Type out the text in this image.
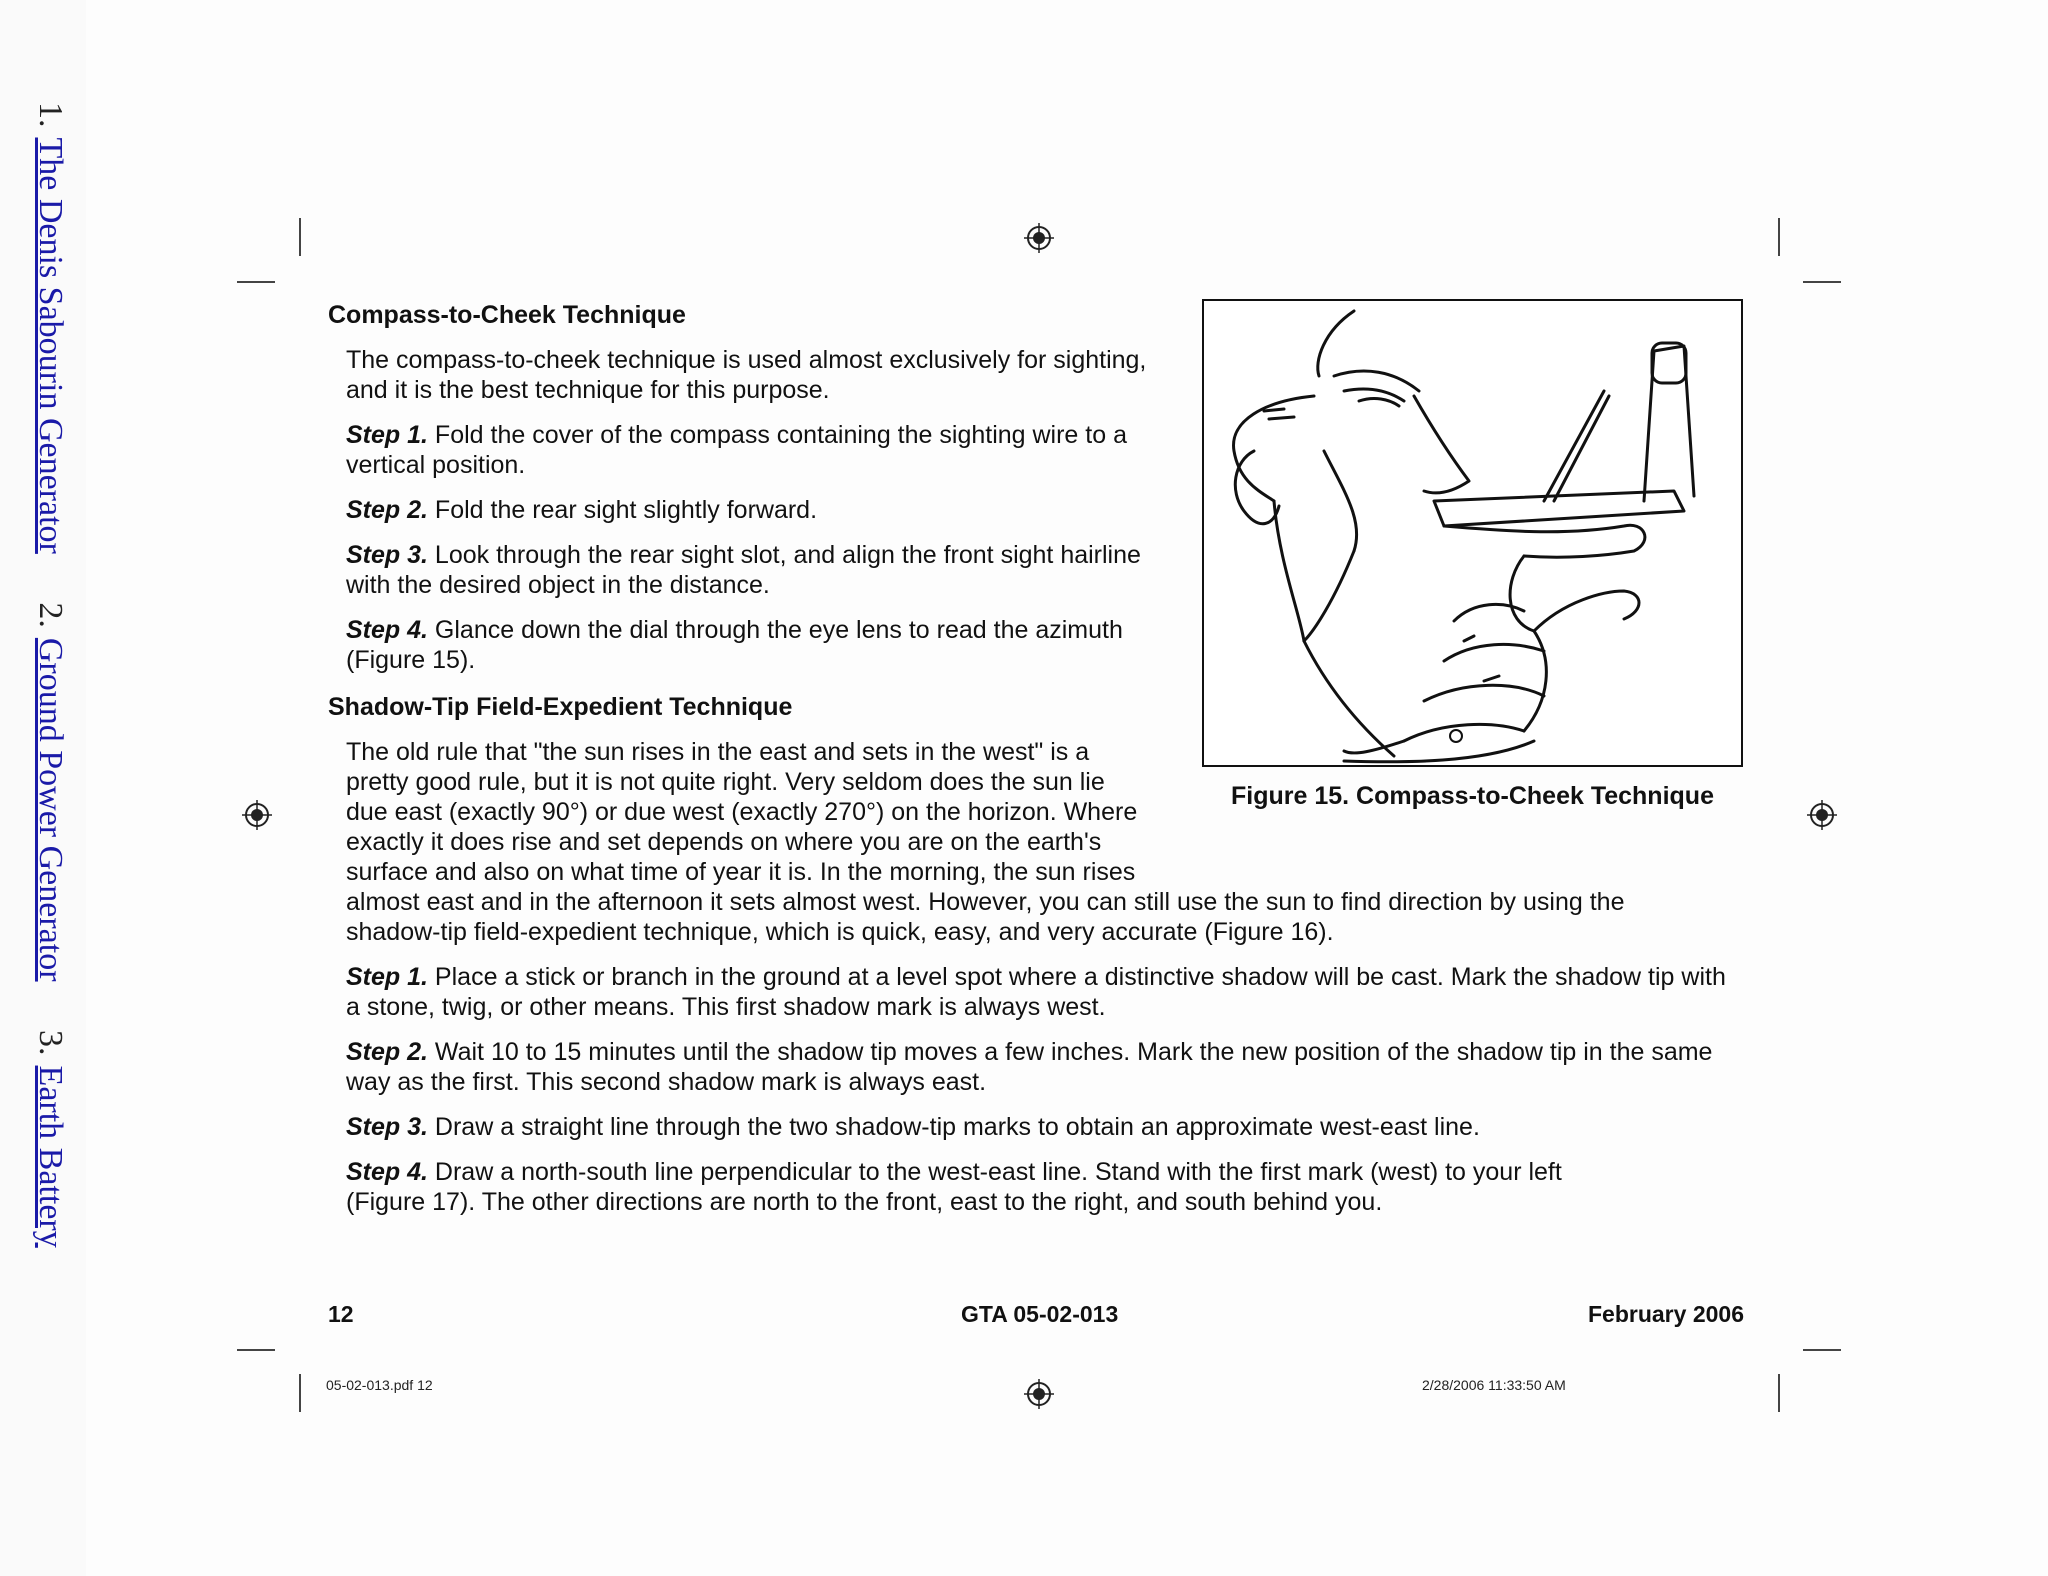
1.The Denis Sabourin Generator 2.Ground Power Generator 3.Earth Battery
Compass-to-Cheek Technique
The compass-to-cheek technique is used almost exclusively for sighting, and it is the best technique for this purpose.
Step 1. Fold the cover of the compass containing the sighting wire to a vertical position.
Step 2. Fold the rear sight slightly forward.
Step 3. Look through the rear sight slot, and align the front sight hairline with the desired object in the distance.
Step 4. Glance down the dial through the eye lens to read the azimuth (Figure 15).
Figure 15. Compass-to-Cheek Technique
Shadow-Tip Field-Expedient Technique
The old rule that "the sun rises in the east and sets in the west" is a
pretty good rule, but it is not quite right. Very seldom does the sun lie
due east (exactly 90°) or due west (exactly 270°) on the horizon. Where
exactly it does rise and set depends on where you are on the earth's
surface and also on what time of year it is. In the morning, the sun rises
almost east and in the afternoon it sets almost west. However, you can still use the sun to find direction by using the
shadow-tip field-expedient technique, which is quick, easy, and very accurate (Figure 16).
Step 1. Place a stick or branch in the ground at a level spot where a distinctive shadow will be cast. Mark the shadow tip with a stone, twig, or other means. This first shadow mark is always west.
Step 2. Wait 10 to 15 minutes until the shadow tip moves a few inches. Mark the new position of the shadow tip in the same way as the first. This second shadow mark is always east.
Step 3. Draw a straight line through the two shadow-tip marks to obtain an approximate west-east line.
Step 4. Draw a north-south line perpendicular to the west-east line. Stand with the first mark (west) to your left (Figure 17). The other directions are north to the front, east to the right, and south behind you.
12	GTA 05-02-013	February 2006
05-02-013.pdf 12	2/28/2006 11:33:50 AM
